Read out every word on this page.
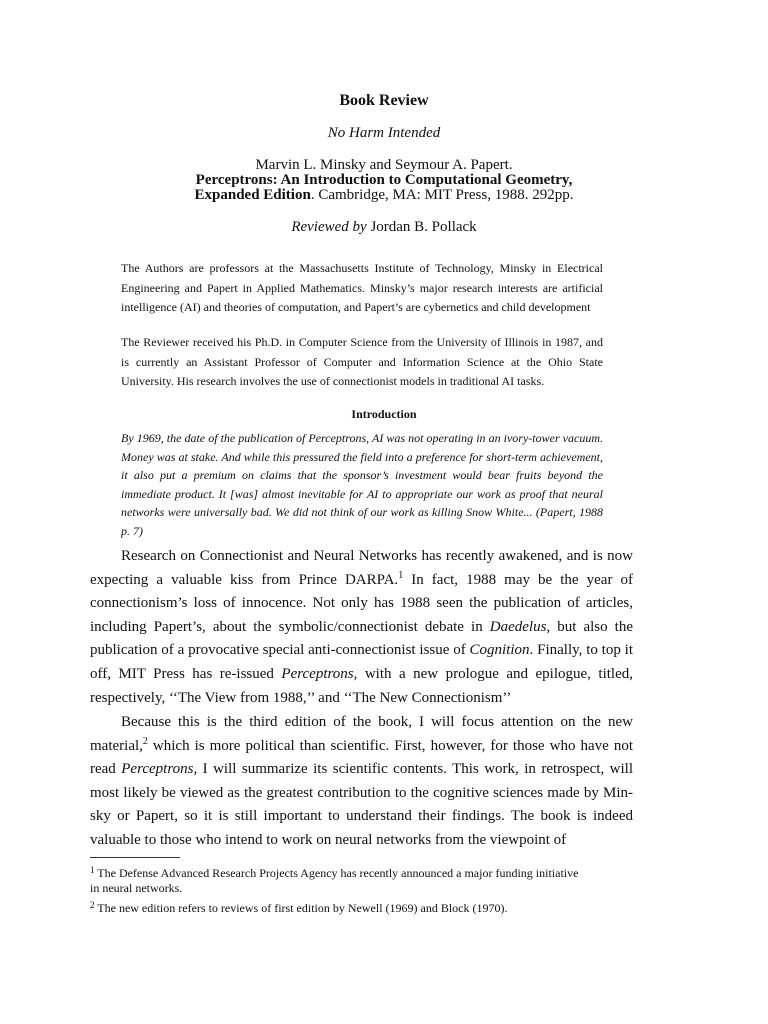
Book Review
No Harm Intended
Marvin L. Minsky and Seymour A. Papert.
Perceptrons: An Introduction to Computational Geometry,
Expanded Edition. Cambridge, MA: MIT Press, 1988. 292pp.
Reviewed by Jordan B. Pollack
The Authors are professors at the Massachusetts Institute of Technology, Minsky in Electrical Engineering and Papert in Applied Mathematics. Minsky’s major research interests are artificial intelligence (AI) and theories of computation, and Papert’s are cybernetics and child development
The Reviewer received his Ph.D. in Computer Science from the University of Illinois in 1987, and is currently an Assistant Professor of Computer and Information Science at the Ohio State University. His research involves the use of connectionist models in traditional AI tasks.
Introduction
By 1969, the date of the publication of Perceptrons, AI was not operating in an ivory-tower vacuum. Money was at stake. And while this pressured the field into a preference for short-term achievement, it also put a premium on claims that the sponsor’s investment would bear fruits beyond the immediate product. It [was] almost inevitable for AI to appropriate our work as proof that neural networks were universally bad. We did not think of our work as killing Snow White... (Papert, 1988 p. 7)
Research on Connectionist and Neural Networks has recently awakened, and is now expecting a valuable kiss from Prince DARPA.$^1$ In fact, 1988 may be the year of connectionism’s loss of innocence. Not only has 1988 seen the publication of articles, including Papert’s, about the symbolic/connectionist debate in Daedelus, but also the publication of a provocative special anti-connectionist issue of Cognition. Finally, to top it off, MIT Press has re-issued Perceptrons, with a new prologue and epilogue, titled, respectively, ‘‘The View from 1988,’’ and ‘‘The New Connectionism’’
Because this is the third edition of the book, I will focus attention on the new material,$^2$ which is more political than scientific. First, however, for those who have not read Perceptrons, I will summarize its scientific contents. This work, in retrospect, will most likely be viewed as the greatest contribution to the cognitive sciences made by Min-sky or Papert, so it is still important to understand their findings. The book is indeed valuable to those who intend to work on neural networks from the viewpoint of
$^1$ The Defense Advanced Research Projects Agency has recently announced a major funding initiative in neural networks.
$^2$ The new edition refers to reviews of first edition by Newell (1969) and Block (1970).
